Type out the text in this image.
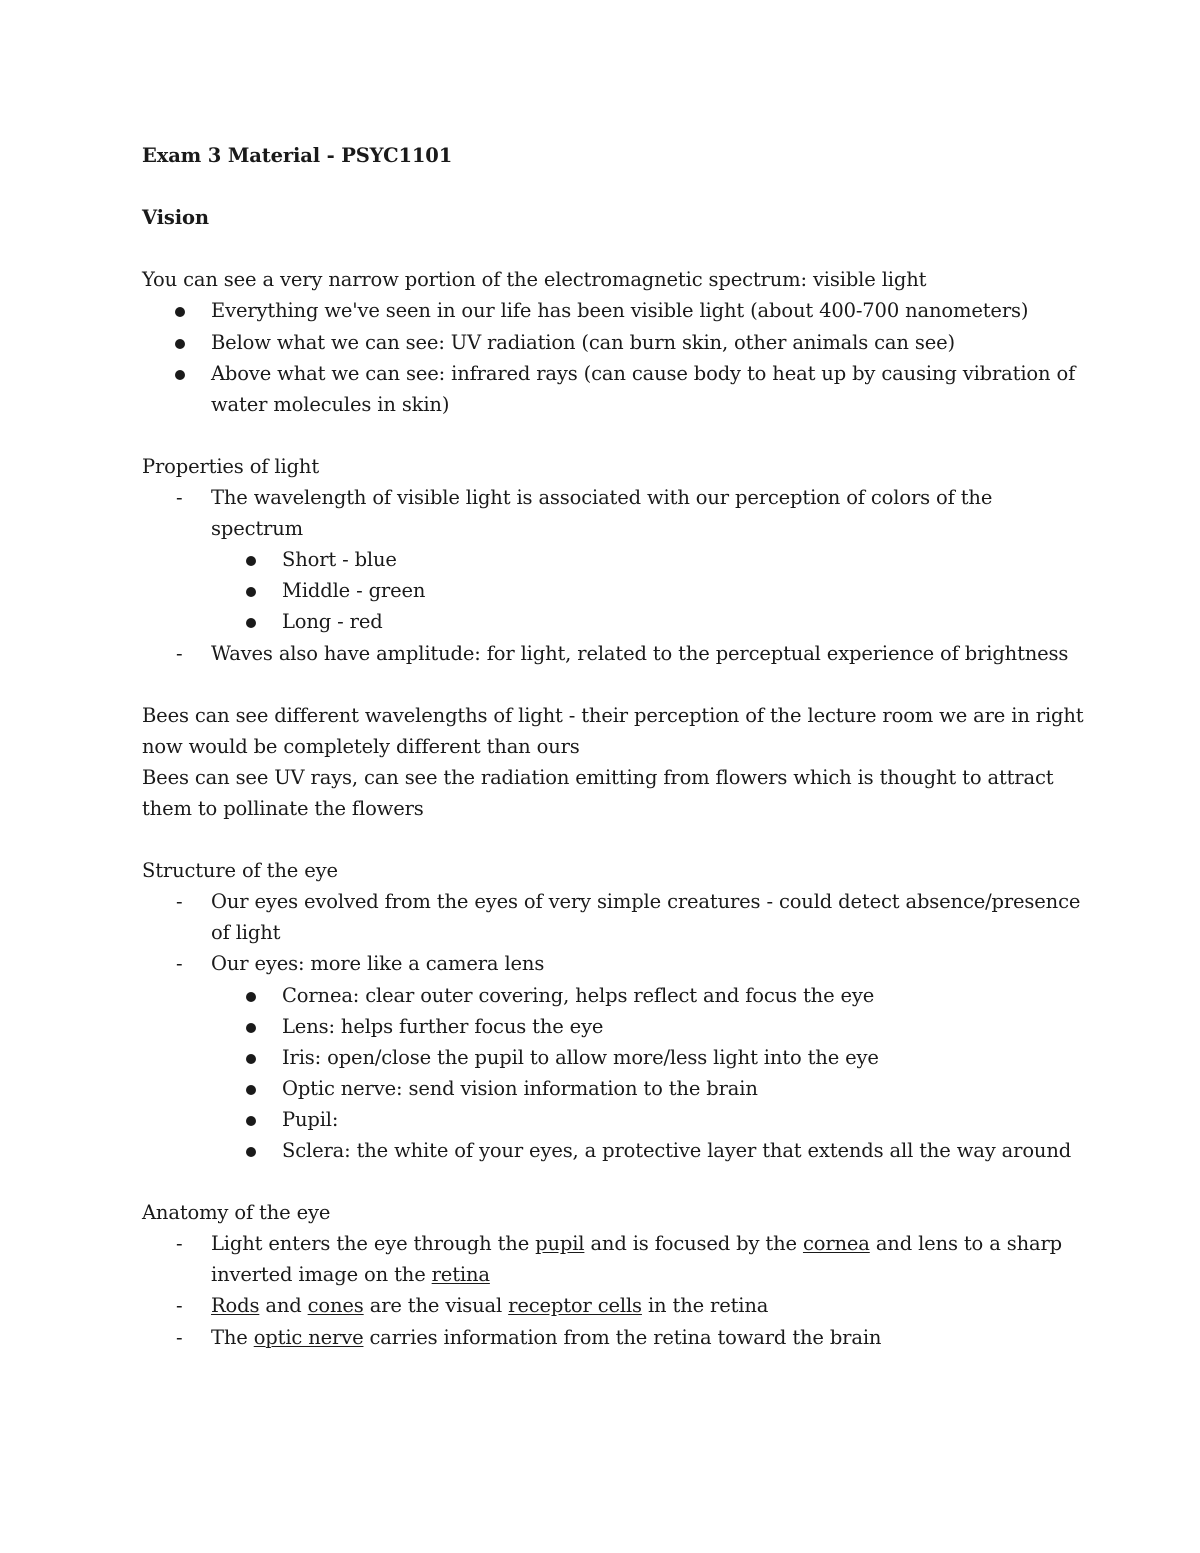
Exam 3 Material - PSYC1101
Vision
You can see a very narrow portion of the electromagnetic spectrum: visible light
Everything we've seen in our life has been visible light (about 400-700 nanometers)
Below what we can see: UV radiation (can burn skin, other animals can see)
Above what we can see: infrared rays (can cause body to heat up by causing vibration of
water molecules in skin)
Properties of light
- The wavelength of visible light is associated with our perception of colors of the
spectrum
Short - blue
Middle - green
Long - red
- Waves also have amplitude: for light, related to the perceptual experience of brightness
Bees can see different wavelengths of light - their perception of the lecture room we are in right
now would be completely different than ours
Bees can see UV rays, can see the radiation emitting from flowers which is thought to attract
them to pollinate the flowers
Structure of the eye
- Our eyes evolved from the eyes of very simple creatures - could detect absence/presence
of light
- Our eyes: more like a camera lens
Cornea: clear outer covering, helps reflect and focus the eye
Lens: helps further focus the eye
Iris: open/close the pupil to allow more/less light into the eye
Optic nerve: send vision information to the brain
Pupil:
Sclera: the white of your eyes, a protective layer that extends all the way around
Anatomy of the eye
- Light enters the eye through the pupil and is focused by the cornea and lens to a sharp
inverted image on the retina
- Rods and cones are the visual receptor cells in the retina
- The optic nerve carries information from the retina toward the brain
